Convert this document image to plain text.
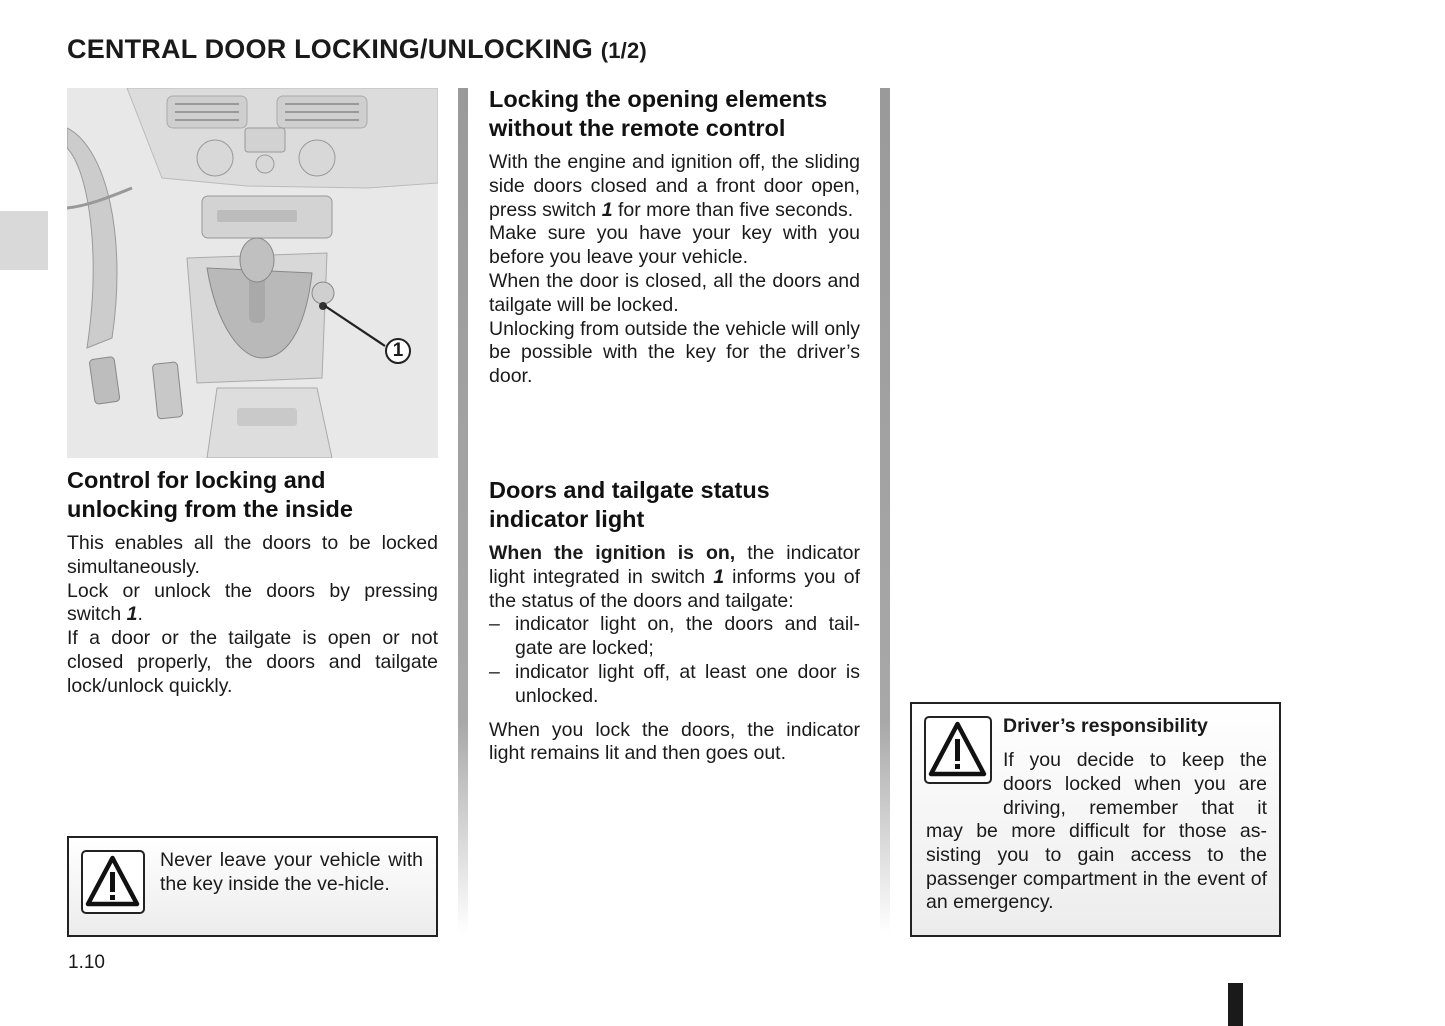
CENTRAL DOOR LOCKING/UNLOCKING (1/2)
27151
1
Control for locking and unlocking from the inside

This enables all the doors to be locked simultaneously.

Lock or unlock the doors by pressing switch 1.

If a door or the tailgate is open or not closed properly, the doors and tailgate lock/unlock quickly.

Never leave your vehicle with the key inside the ve-hicle.

1.10
Locking the opening elements without the remote control

With the engine and ignition off, the sliding side doors closed and a front door open, press switch 1 for more than five seconds.

Make sure you have your key with you before you leave your vehicle.

When the door is closed, all the doors and tailgate will be locked.

Unlocking from outside the vehicle will only be possible with the key for the driver’s door.

Doors and tailgate status indicator light

When the ignition is on, the indicator light integrated in switch 1 informs you of the status of the doors and tailgate:

– indicator light on, the doors and tail-gate are locked;
– indicator light off, at least one door is unlocked.

When you lock the doors, the indicator light remains lit and then goes out.

Driver’s responsibility

If you decide to keep the

doors locked when you are

driving, remember that it

may be more difficult for those as-sisting you to gain access to the passenger compartment in the event of an emergency.
